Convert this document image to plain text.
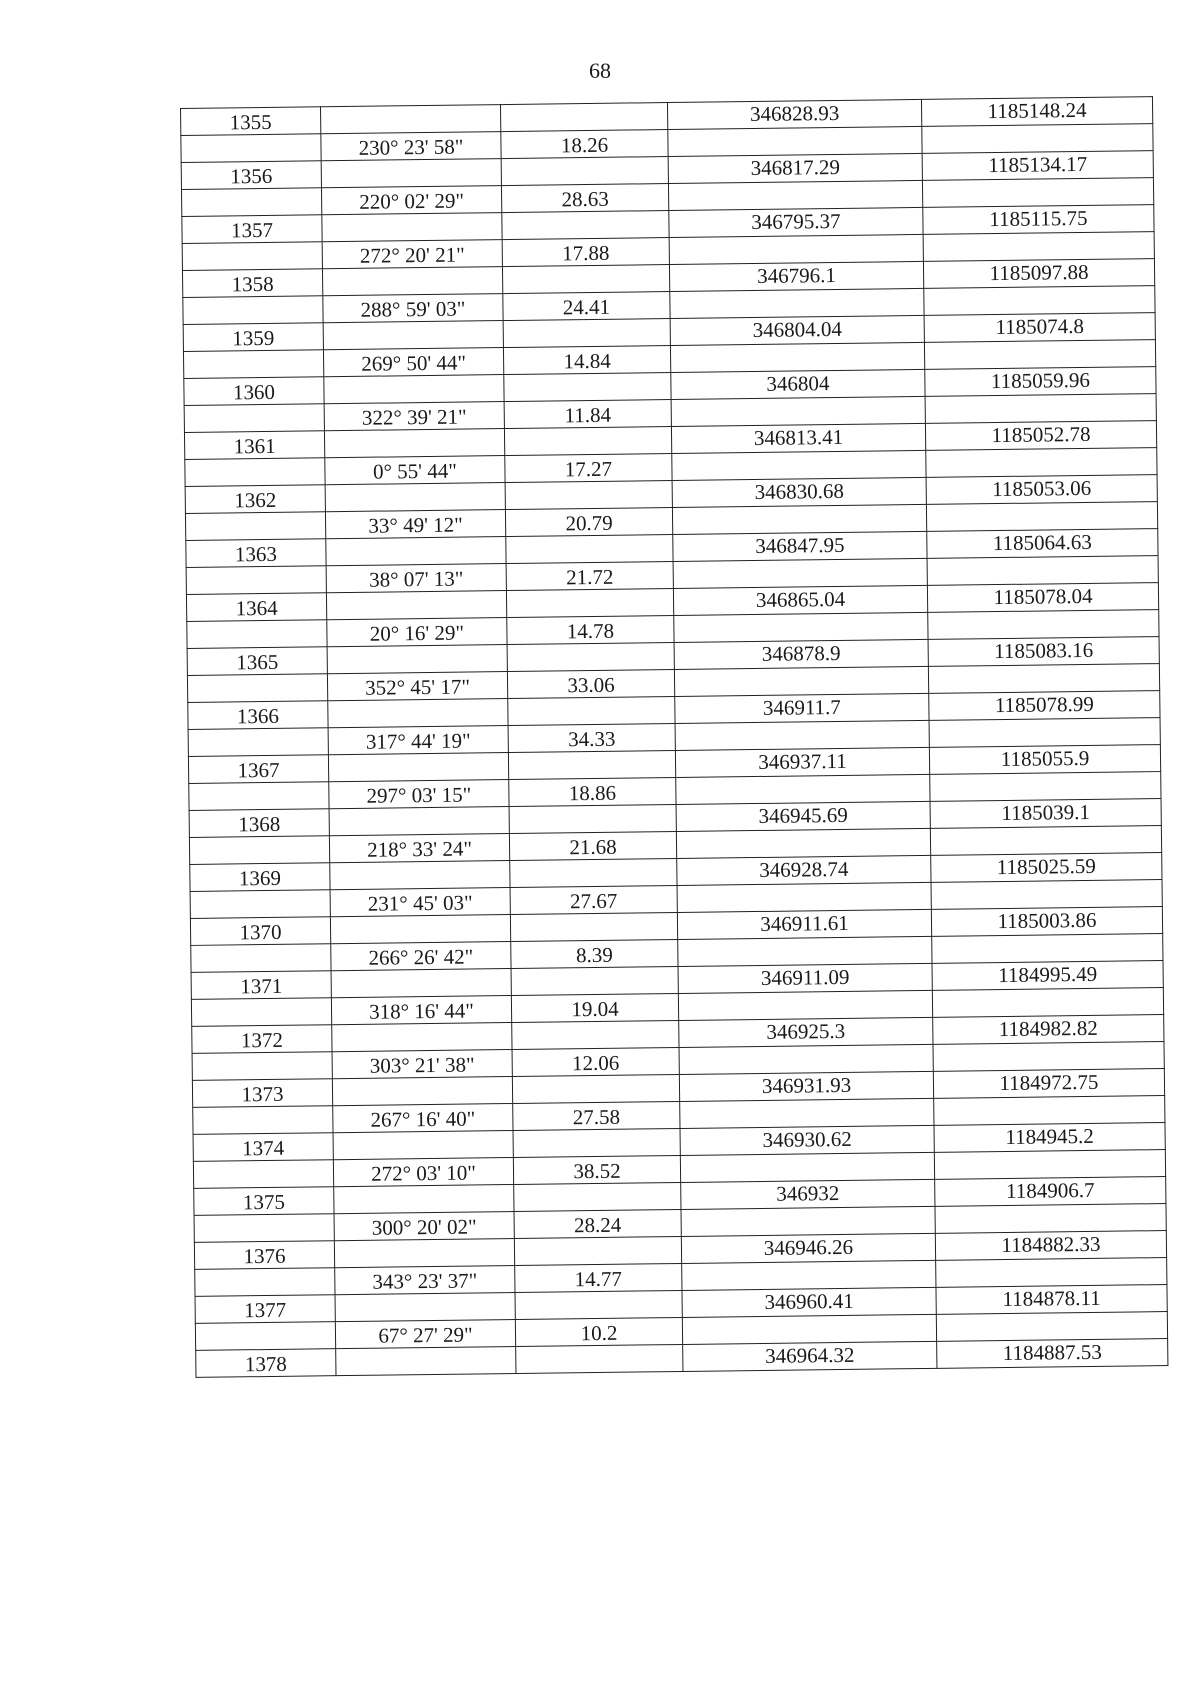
68
1355			346828.93	1185148.24
	230° 23' 58"	18.26		
1356			346817.29	1185134.17
	220° 02' 29"	28.63		
1357			346795.37	1185115.75
	272° 20' 21"	17.88		
1358			346796.1	1185097.88
	288° 59' 03"	24.41		
1359			346804.04	1185074.8
	269° 50' 44"	14.84		
1360			346804	1185059.96
	322° 39' 21"	11.84		
1361			346813.41	1185052.78
	0° 55' 44"	17.27		
1362			346830.68	1185053.06
	33° 49' 12"	20.79		
1363			346847.95	1185064.63
	38° 07' 13"	21.72		
1364			346865.04	1185078.04
	20° 16' 29"	14.78		
1365			346878.9	1185083.16
	352° 45' 17"	33.06		
1366			346911.7	1185078.99
	317° 44' 19"	34.33		
1367			346937.11	1185055.9
	297° 03' 15"	18.86		
1368			346945.69	1185039.1
	218° 33' 24"	21.68		
1369			346928.74	1185025.59
	231° 45' 03"	27.67		
1370			346911.61	1185003.86
	266° 26' 42"	8.39		
1371			346911.09	1184995.49
	318° 16' 44"	19.04		
1372			346925.3	1184982.82
	303° 21' 38"	12.06		
1373			346931.93	1184972.75
	267° 16' 40"	27.58		
1374			346930.62	1184945.2
	272° 03' 10"	38.52		
1375			346932	1184906.7
	300° 20' 02"	28.24		
1376			346946.26	1184882.33
	343° 23' 37"	14.77		
1377			346960.41	1184878.11
	67° 27' 29"	10.2		
1378			346964.32	1184887.53
